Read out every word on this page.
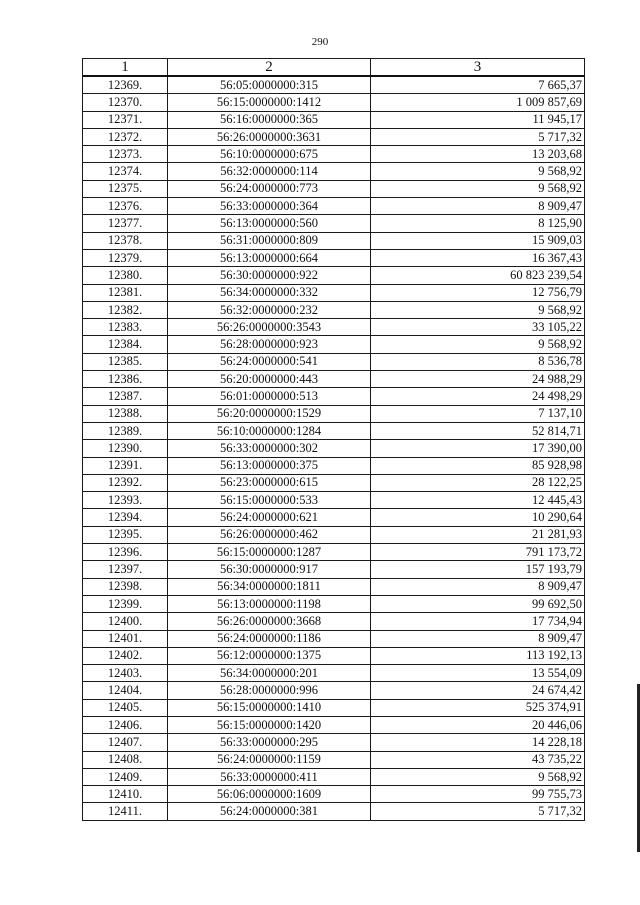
290
1	2	3
12369.	56:05:0000000:315	7 665,37
12370.	56:15:0000000:1412	1 009 857,69
12371.	56:16:0000000:365	11 945,17
12372.	56:26:0000000:3631	5 717,32
12373.	56:10:0000000:675	13 203,68
12374.	56:32:0000000:114	9 568,92
12375.	56:24:0000000:773	9 568,92
12376.	56:33:0000000:364	8 909,47
12377.	56:13:0000000:560	8 125,90
12378.	56:31:0000000:809	15 909,03
12379.	56:13:0000000:664	16 367,43
12380.	56:30:0000000:922	60 823 239,54
12381.	56:34:0000000:332	12 756,79
12382.	56:32:0000000:232	9 568,92
12383.	56:26:0000000:3543	33 105,22
12384.	56:28:0000000:923	9 568,92
12385.	56:24:0000000:541	8 536,78
12386.	56:20:0000000:443	24 988,29
12387.	56:01:0000000:513	24 498,29
12388.	56:20:0000000:1529	7 137,10
12389.	56:10:0000000:1284	52 814,71
12390.	56:33:0000000:302	17 390,00
12391.	56:13:0000000:375	85 928,98
12392.	56:23:0000000:615	28 122,25
12393.	56:15:0000000:533	12 445,43
12394.	56:24:0000000:621	10 290,64
12395.	56:26:0000000:462	21 281,93
12396.	56:15:0000000:1287	791 173,72
12397.	56:30:0000000:917	157 193,79
12398.	56:34:0000000:1811	8 909,47
12399.	56:13:0000000:1198	99 692,50
12400.	56:26:0000000:3668	17 734,94
12401.	56:24:0000000:1186	8 909,47
12402.	56:12:0000000:1375	113 192,13
12403.	56:34:0000000:201	13 554,09
12404.	56:28:0000000:996	24 674,42
12405.	56:15:0000000:1410	525 374,91
12406.	56:15:0000000:1420	20 446,06
12407.	56:33:0000000:295	14 228,18
12408.	56:24:0000000:1159	43 735,22
12409.	56:33:0000000:411	9 568,92
12410.	56:06:0000000:1609	99 755,73
12411.	56:24:0000000:381	5 717,32
